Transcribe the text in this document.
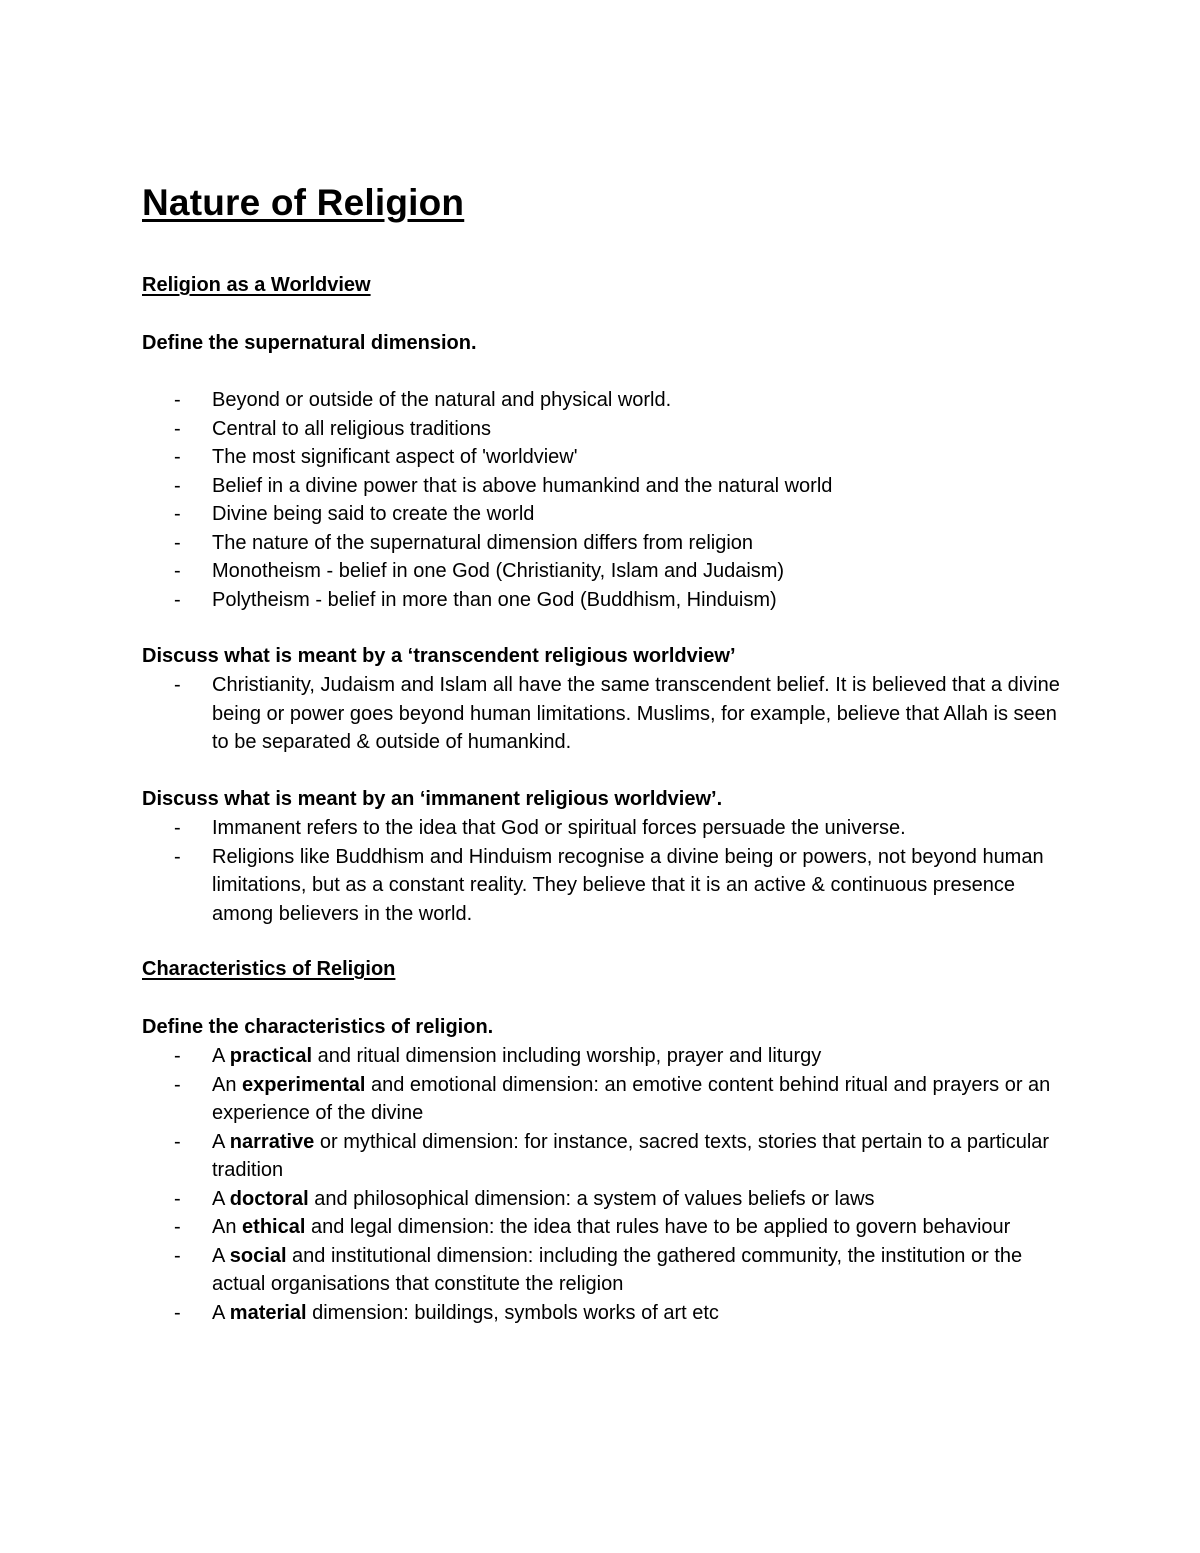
Nature of Religion
Religion as a Worldview
Define the supernatural dimension.
- Beyond or outside of the natural and physical world.
- Central to all religious traditions
- The most significant aspect of 'worldview'
- Belief in a divine power that is above humankind and the natural world
- Divine being said to create the world
- The nature of the supernatural dimension differs from religion
- Monotheism - belief in one God (Christianity, Islam and Judaism)
- Polytheism - belief in more than one God (Buddhism, Hinduism)
Discuss what is meant by a ‘transcendent religious worldview’
- Christianity, Judaism and Islam all have the same transcendent belief. It is believed that a divine being or power goes beyond human limitations. Muslims, for example, believe that Allah is seen to be separated & outside of humankind.
Discuss what is meant by an ‘immanent religious worldview’.
- Immanent refers to the idea that God or spiritual forces persuade the universe.
- Religions like Buddhism and Hinduism recognise a divine being or powers, not beyond human limitations, but as a constant reality. They believe that it is an active & continuous presence among believers in the world.
Characteristics of Religion
Define the characteristics of religion.
- A practical and ritual dimension including worship, prayer and liturgy
- An experimental and emotional dimension: an emotive content behind ritual and prayers or an experience of the divine
- A narrative or mythical dimension: for instance, sacred texts, stories that pertain to a particular tradition
- A doctoral and philosophical dimension: a system of values beliefs or laws
- An ethical and legal dimension: the idea that rules have to be applied to govern behaviour
- A social and institutional dimension: including the gathered community, the institution or the actual organisations that constitute the religion
- A material dimension: buildings, symbols works of art etc
